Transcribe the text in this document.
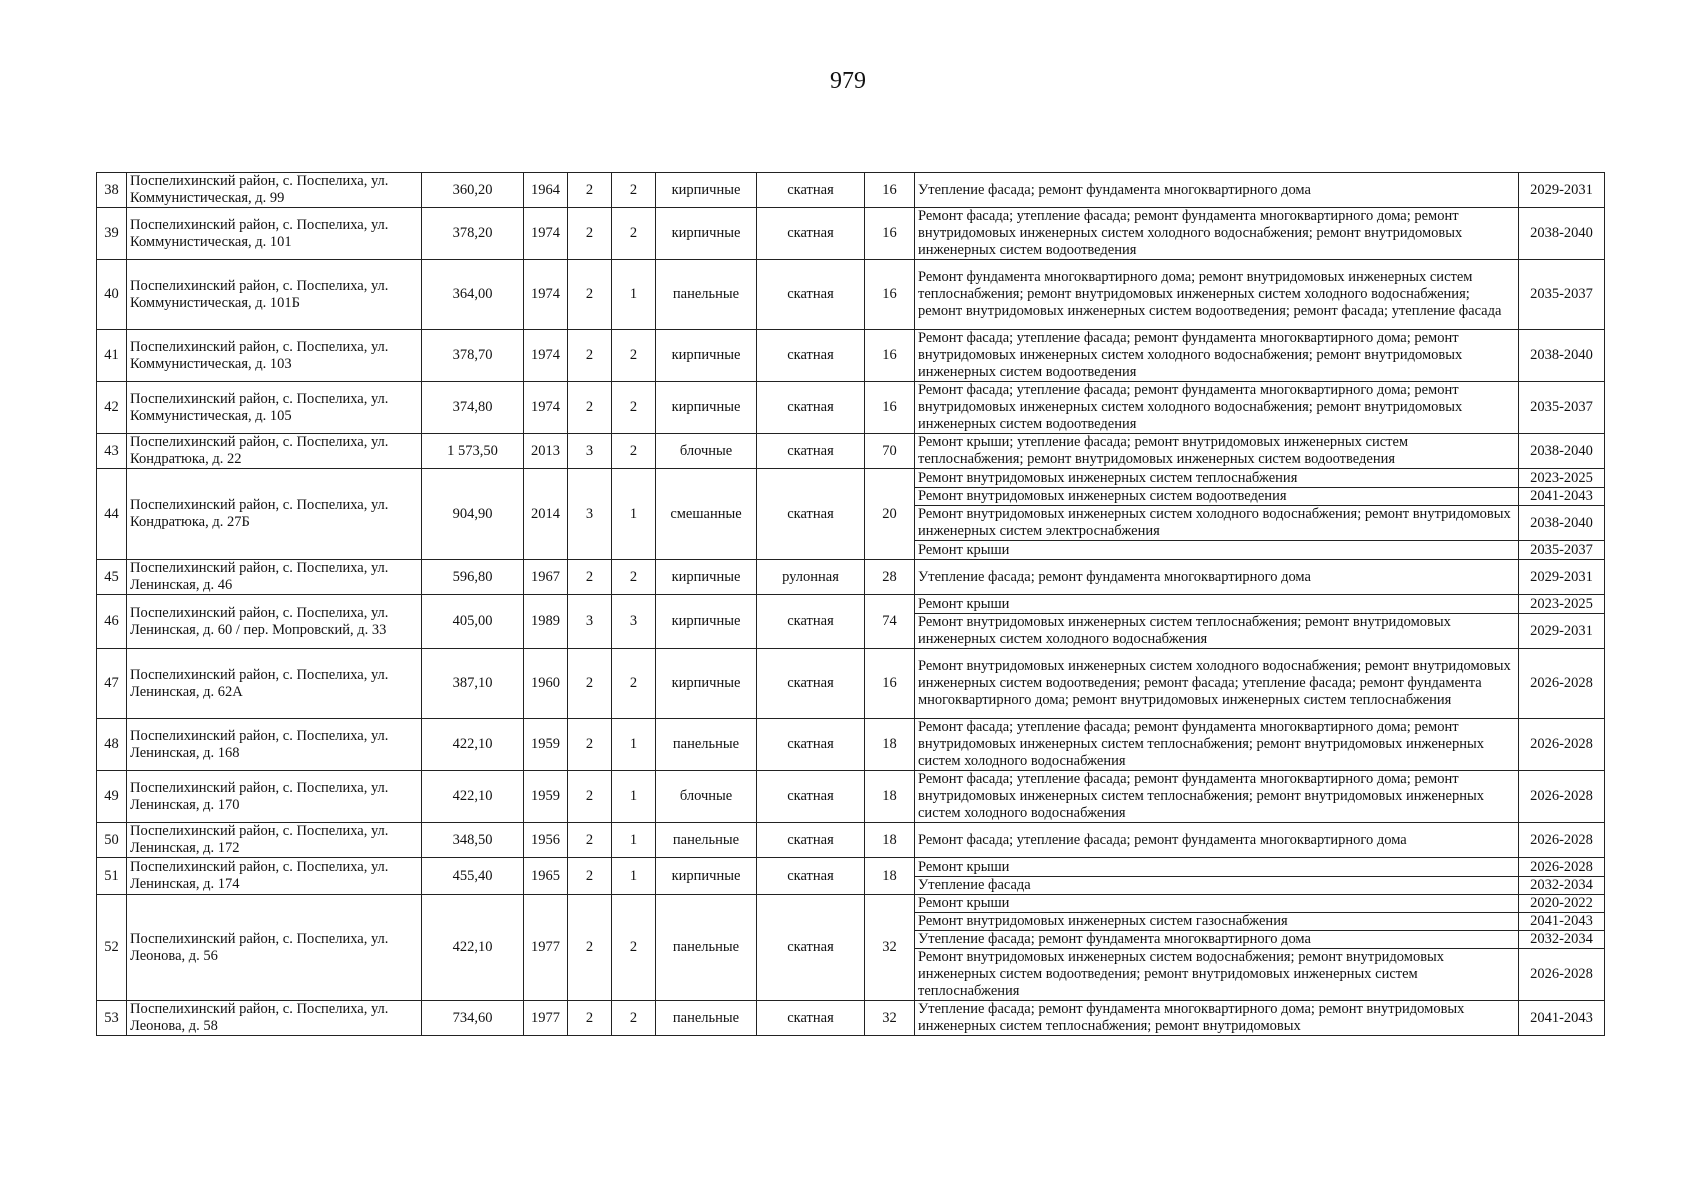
979
38	Поспелихинский район, с. Поспелиха, ул. Коммунистическая, д. 99	360,20	1964	2	2	кирпичные	скатная	16	Утепление фасада; ремонт фундамента многоквартирного дома	2029-2031
39	Поспелихинский район, с. Поспелиха, ул. Коммунистическая, д. 101	378,20	1974	2	2	кирпичные	скатная	16	Ремонт фасада; утепление фасада; ремонт фундамента многоквартирного дома; ремонт внутридомовых инженерных систем холодного водоснабжения; ремонт внутридомовых инженерных систем водоотведения	2038-2040
40	Поспелихинский район, с. Поспелиха, ул. Коммунистическая, д. 101Б	364,00	1974	2	1	панельные	скатная	16	Ремонт фундамента многоквартирного дома; ремонт внутридомовых инженерных систем теплоснабжения; ремонт внутридомовых инженерных систем холодного водоснабжения; ремонт внутридомовых инженерных систем водоотведения; ремонт фасада; утепление фасада	2035-2037
41	Поспелихинский район, с. Поспелиха, ул. Коммунистическая, д. 103	378,70	1974	2	2	кирпичные	скатная	16	Ремонт фасада; утепление фасада; ремонт фундамента многоквартирного дома; ремонт внутридомовых инженерных систем холодного водоснабжения; ремонт внутридомовых инженерных систем водоотведения	2038-2040
42	Поспелихинский район, с. Поспелиха, ул. Коммунистическая, д. 105	374,80	1974	2	2	кирпичные	скатная	16	Ремонт фасада; утепление фасада; ремонт фундамента многоквартирного дома; ремонт внутридомовых инженерных систем холодного водоснабжения; ремонт внутридомовых инженерных систем водоотведения	2035-2037
43	Поспелихинский район, с. Поспелиха, ул. Кондратюка, д. 22	1 573,50	2013	3	2	блочные	скатная	70	Ремонт крыши; утепление фасада; ремонт внутридомовых инженерных систем теплоснабжения; ремонт внутридомовых инженерных систем водоотведения	2038-2040
44	Поспелихинский район, с. Поспелиха, ул. Кондратюка, д. 27Б	904,90	2014	3	1	смешанные	скатная	20	Ремонт внутридомовых инженерных систем теплоснабжения	2023-2025
									Ремонт внутридомовых инженерных систем водоотведения	2041-2043
									Ремонт внутридомовых инженерных систем холодного водоснабжения; ремонт внутридомовых инженерных систем электроснабжения	2038-2040
									Ремонт крыши	2035-2037
45	Поспелихинский район, с. Поспелиха, ул. Ленинская, д. 46	596,80	1967	2	2	кирпичные	рулонная	28	Утепление фасада; ремонт фундамента многоквартирного дома	2029-2031
46	Поспелихинский район, с. Поспелиха, ул. Ленинская, д. 60 / пер. Мопровский, д. 33	405,00	1989	3	3	кирпичные	скатная	74	Ремонт крыши	2023-2025
									Ремонт внутридомовых инженерных систем теплоснабжения; ремонт внутридомовых инженерных систем холодного водоснабжения	2029-2031
47	Поспелихинский район, с. Поспелиха, ул. Ленинская, д. 62А	387,10	1960	2	2	кирпичные	скатная	16	Ремонт внутридомовых инженерных систем холодного водоснабжения; ремонт внутридомовых инженерных систем водоотведения; ремонт фасада; утепление фасада; ремонт фундамента многоквартирного дома; ремонт внутридомовых инженерных систем теплоснабжения	2026-2028
48	Поспелихинский район, с. Поспелиха, ул. Ленинская, д. 168	422,10	1959	2	1	панельные	скатная	18	Ремонт фасада; утепление фасада; ремонт фундамента многоквартирного дома; ремонт внутридомовых инженерных систем теплоснабжения; ремонт внутридомовых инженерных систем холодного водоснабжения	2026-2028
49	Поспелихинский район, с. Поспелиха, ул. Ленинская, д. 170	422,10	1959	2	1	блочные	скатная	18	Ремонт фасада; утепление фасада; ремонт фундамента многоквартирного дома; ремонт внутридомовых инженерных систем теплоснабжения; ремонт внутридомовых инженерных систем холодного водоснабжения	2026-2028
50	Поспелихинский район, с. Поспелиха, ул. Ленинская, д. 172	348,50	1956	2	1	панельные	скатная	18	Ремонт фасада; утепление фасада; ремонт фундамента многоквартирного дома	2026-2028
51	Поспелихинский район, с. Поспелиха, ул. Ленинская, д. 174	455,40	1965	2	1	кирпичные	скатная	18	Ремонт крыши	2026-2028
									Утепление фасада	2032-2034
52	Поспелихинский район, с. Поспелиха, ул. Леонова, д. 56	422,10	1977	2	2	панельные	скатная	32	Ремонт крыши	2020-2022
									Ремонт внутридомовых инженерных систем газоснабжения	2041-2043
									Утепление фасада; ремонт фундамента многоквартирного дома	2032-2034
									Ремонт внутридомовых инженерных систем водоснабжения; ремонт внутридомовых инженерных систем водоотведения; ремонт внутридомовых инженерных систем теплоснабжения	2026-2028
53	Поспелихинский район, с. Поспелиха, ул. Леонова, д. 58	734,60	1977	2	2	панельные	скатная	32	Утепление фасада; ремонт фундамента многоквартирного дома; ремонт внутридомовых инженерных систем теплоснабжения; ремонт внутридомовых	2041-2043
